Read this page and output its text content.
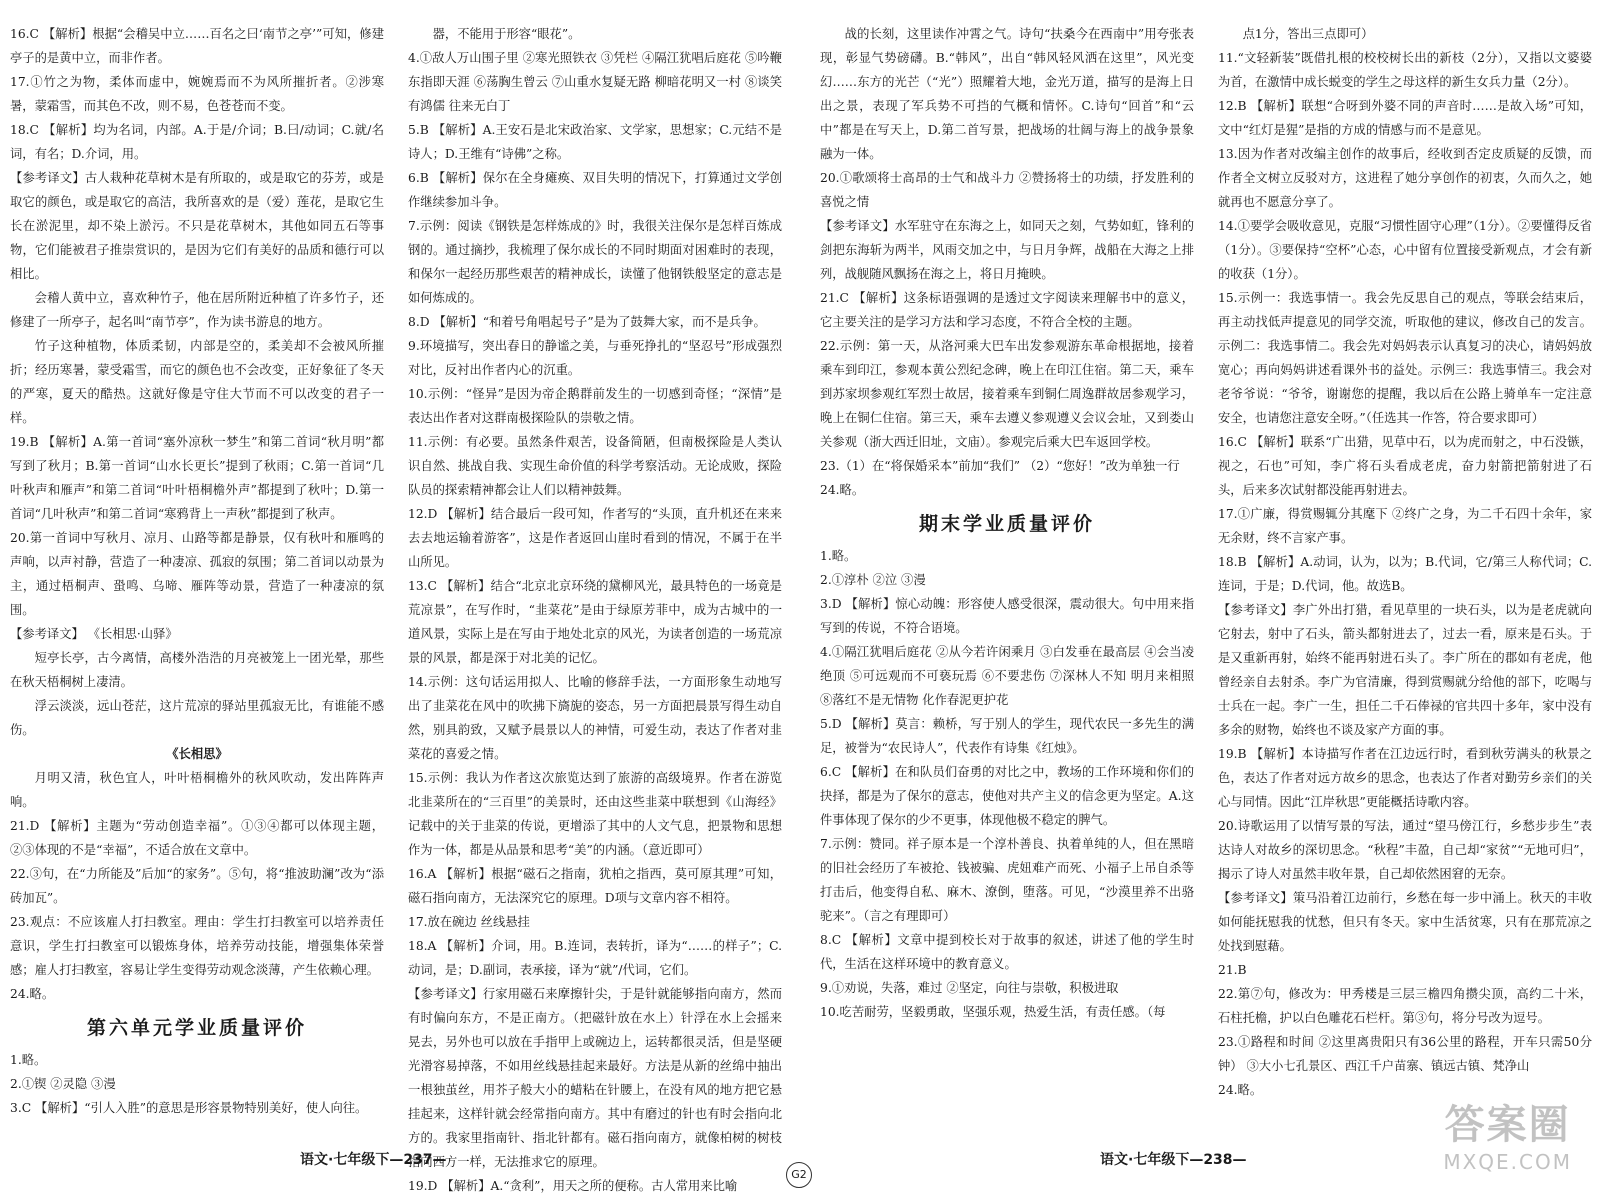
16.C 【解析】根据“会稽吴中立……百名之曰‘南节之亭’”可知，修建亭子的是黄中立，而非作者。

17.①竹之为物，柔体而虚中，婉婉焉而不为风所摧折者。②涉寒暑，蒙霜雪，而其色不改，则不易，色苍苍而不变。

18.C 【解析】均为名词，内部。A.于是/介词；B.曰/动词；C.就/名词，有名；D.介词，用。

【参考译文】古人栽种花草树木是有所取的，或是取它的芬芳，或是取它的颜色，或是取它的高洁，我所喜欢的是（爱）莲花，是取它生长在淤泥里，却不染上淤污。不只是花草树木，其他如同五石等事物，它们能被君子推崇赏识的，是因为它们有美好的品质和德行可以相比。

会稽人黄中立，喜欢种竹子，他在居所附近种植了许多竹子，还修建了一所亭子，起名叫“南节亭”，作为读书游息的地方。

竹子这种植物，体质柔韧，内部是空的，柔美却不会被风所摧折；经历寒暑，蒙受霜雪，而它的颜色也不会改变，正好象征了冬天的严寒，夏天的酷热。这就好像是守住大节而不可以改变的君子一样。

19.B 【解析】A.第一首词“塞外凉秋一梦生”和第二首词“秋月明”都写到了秋月；B.第一首词“山水长更长”提到了秋雨；C.第一首词“几叶秋声和雁声”和第二首词“叶叶梧桐檐外声”都提到了秋叶；D.第一首词“几叶秋声”和第二首词“寒鸦背上一声秋”都提到了秋声。

20.第一首词中写秋月、凉月、山路等都是静景，仅有秋叶和雁鸣的声响，以声衬静，营造了一种凄凉、孤寂的氛围；第二首词以动景为主，通过梧桐声、蛩鸣、乌啼、雁阵等动景，营造了一种凄凉的氛围。

【参考译文】 《长相思·山驿》

短亭长亭，古今离情，高楼外浩浩的月亮被笼上一团光晕，那些在秋天梧桐树上凄清。

浮云淡淡，远山苍茫，这片荒凉的驿站里孤寂无比，有谁能不感伤。

《长相思》

月明又清，秋色宜人，叶叶梧桐檐外的秋风吹动，发出阵阵声响。

21.D 【解析】主题为“劳动创造幸福”。①③④都可以体现主题，②③体现的不是“幸福”，不适合放在文章中。

22.③句，在“力所能及”后加“的家务”。⑤句，将“推波助澜”改为“添砖加瓦”。

23.观点：不应该雇人打扫教室。理由：学生打扫教室可以培养责任意识，学生打扫教室可以锻炼身体，培养劳动技能，增强集体荣誉感；雇人打扫教室，容易让学生变得劳动观念淡薄，产生依赖心理。

24.略。

第六单元学业质量评价

1.略。

2.①锲 ②灵隐 ③漫

3.C 【解析】“引人入胜”的意思是形容景物特别美好，使人向往。

器，不能用于形容“眼花”。

4.①敌人万山围子里 ②寒光照铁衣 ③凭栏 ④隔江犹唱后庭花 ⑤吟鞭东指即天涯 ⑥荡胸生曾云 ⑦山重水复疑无路 柳暗花明又一村 ⑧谈笑有鸿儒 往来无白丁

5.B 【解析】A.王安石是北宋政治家、文学家，思想家；C.元结不是诗人；D.王维有“诗佛”之称。

6.B 【解析】保尔在全身瘫痪、双目失明的情况下，打算通过文学创作继续参加斗争。

7.示例：阅读《钢铁是怎样炼成的》时，我很关注保尔是怎样百炼成钢的。通过摘抄，我梳理了保尔成长的不同时期面对困难时的表现，和保尔一起经历那些艰苦的精神成长，读懂了他钢铁般坚定的意志是如何炼成的。

8.D 【解析】“和着号角唱起号子”是为了鼓舞大家，而不是兵争。

9.环境描写，突出春日的静谧之美，与垂死挣扎的“坚忍号”形成强烈对比，反衬出作者内心的沉重。

10.示例：“怪异”是因为帝企鹅群前发生的一切感到奇怪；“深情”是表达出作者对这群南极探险队的崇敬之情。

11.示例：有必要。虽然条件艰苦，设备简陋，但南极探险是人类认识自然、挑战自我、实现生命价值的科学考察活动。无论成败，探险队员的探索精神都会让人们以精神鼓舞。

12.D 【解析】结合最后一段可知，作者写的“头顶，直升机还在来来去去地运输着游客”，这是作者返回山崖时看到的情况，不属于在半山所见。

13.C 【解析】结合“北京北京环绕的黛柳风光，最具特色的一场竟是荒凉景”，在写作时，“韭菜花”是由于绿原芳菲中，成为古城中的一道风景，实际上是在写由于地处北京的风光，为读者创造的一场荒凉景的风景，都是深于对北美的记忆。

14.示例：这句话运用拟人、比喻的修辞手法，一方面形象生动地写出了韭菜花在风中的吹拂下旖旎的姿态，另一方面把晨景写得生动自然，别具韵致，又赋予晨景以人的神情，可爱生动，表达了作者对韭菜花的喜爱之情。

15.示例：我认为作者这次旅览达到了旅游的高级境界。作者在游览北韭菜所在的“三百里”的美景时，还由这些韭菜中联想到《山海经》记载中的关于韭菜的传说，更增添了其中的人文气息，把景物和思想作为一体，都是从品景和思考“美”的内涵。（意近即可）

16.A 【解析】根据“磁石之指南，犹柏之指西，莫可原其理”可知，磁石指向南方，无法深究它的原理。D项与文章内容不相符。

17.放在碗边 丝线悬挂

18.A 【解析】介词，用。B.连词，表转折，译为“……的样子”；C.动词，是；D.副词，表承接，译为“就”/代词，它们。

【参考译文】行家用磁石来摩擦针尖，于是针就能够指向南方，然而有时偏向东方，不是正南方。（把磁针放在水上）针浮在水上会摇来晃去，另外也可以放在手指甲上或碗边上，运转都很灵活，但是坚硬光滑容易掉落，不如用丝线悬挂起来最好。方法是从新的丝绵中抽出一根独茧丝，用芥子般大小的蜡粘在针腰上，在没有风的地方把它悬挂起来，这样针就会经常指向南方。其中有磨过的针也有时会指向北方的。我家里指南针、指北针都有。磁石指向南方，就像柏树的树枝指向西方一样，无法推求它的原理。

19.D 【解析】A.“贪利”，用天之所的便称。古人常用来比喻

语文·七年级下—237—
G2

战的长刻，这里读作冲霄之气。诗句“扶桑今在西南中”用夸张表现，彰显气势磅礴。B.“韩风”，出自“韩风轻风洒在这里”，风光变幻……东方的光芒（“光”）照耀着大地，金光万道，描写的是海上日出之景，表现了军兵势不可挡的气概和情怀。C.诗句“回首”和“云中”都是在写天上，D.第二首写景，把战场的壮阔与海上的战争景象融为一体。

20.①歌颂将士高昂的士气和战斗力 ②赞扬将士的功绩，抒发胜利的喜悦之情

【参考译文】水军驻守在东海之上，如同天之刻，气势如虹，锋利的剑把东海斩为两半，风雨交加之中，与日月争辉，战船在大海之上排列，战舰随风飘扬在海之上，将日月掩映。

21.C 【解析】这条标语强调的是透过文字阅读来理解书中的意义，它主要关注的是学习方法和学习态度，不符合全校的主题。

22.示例：第一天，从洛河乘大巴车出发参观游东革命根据地，接着乘车到印江，参观本黄公烈纪念碑，晚上在印江住宿。第二天，乘车到苏家坝参观红军烈士故居，接着乘车到铜仁周逸群故居参观学习，晚上在铜仁住宿。第三天，乘车去遵义参观遵义会议会址，又到娄山关参观（浙大西迁旧址，文庙）。参观完后乘大巴车返回学校。

23.（1）在“将保婚采本”前加“我们” （2）“您好！”改为单独一行

24.略。

期末学业质量评价

1.略。

2.①淳朴 ②泣 ③漫

3.D 【解析】惊心动魄：形容使人感受很深，震动很大。句中用来指写到的传说，不符合语境。

4.①隔江犹唱后庭花 ②从今若许闲乘月 ③白发垂在最高层 ④会当凌绝顶 ⑤可远观而不可亵玩焉 ⑥不要悲伤 ⑦深林人不知 明月来相照 ⑧落红不是无情物 化作春泥更护花

5.D 【解析】莫言：赖桥，写于别人的学生，现代农民一多先生的满足，被誉为“农民诗人”，代表作有诗集《红烛》。

6.C 【解析】在和队员们奋勇的对比之中，教场的工作环境和你们的抉择，都是为了保尔的意志，使他对共产主义的信念更为坚定。A.这件事体现了保尔的少不更事，体现他极不稳定的脾气。

7.示例：赞同。祥子原本是一个淳朴善良、执着单纯的人，但在黑暗的旧社会经历了车被抢、钱被骗、虎妞难产而死、小福子上吊自杀等打击后，他变得自私、麻木、潦倒，堕落。可见，“沙漠里养不出骆驼来”。（言之有理即可）

8.C 【解析】文章中提到校长对于故事的叙述，讲述了他的学生时代，生活在这样环境中的教育意义。

9.①劝说，失落，难过 ②坚定，向往与崇敬，积极进取

10.吃苦耐劳，坚毅勇敢，坚强乐观，热爱生活，有责任感。（每

点1分，答出三点即可）

11.“文轻新装”既借扎根的校校树长出的新枝（2分），又指以文婆婆为首，在激情中成长蜕变的学生之母这样的新生女兵力量（2分）。

12.B 【解析】联想“合呀到外婆不同的声音时……是故入场”可知，文中“红灯是猩”是指的方成的情感与而不是意见。

13.因为作者对改编主创作的故事后，经收到否定皮质疑的反馈，而作者全文树立反驳对方，这进程了她分享创作的初衷，久而久之，她就再也不愿意分享了。

14.①要学会吸收意见，克服“习惯性固守心理”（1分）。②要懂得反省（1分）。③要保持“空杯”心态，心中留有位置接受新观点，才会有新的收获（1分）。

15.示例一：我选事情一。我会先反思自己的观点，等联会结束后，再主动找低声提意见的同学交流，听取他的建议，修改自己的发言。示例二：我选事情二。我会先对妈妈表示认真复习的决心，请妈妈放宽心；再向妈妈讲述看课外书的益处。示例三：我选事情三。我会对老爷爷说：“爷爷，谢谢您的提醒，我以后在公路上骑单车一定注意安全，也请您注意安全呀。”（任选其一作答，符合要求即可）

16.C 【解析】联系“广出猎，见草中石，以为虎而射之，中石没镞，视之，石也”可知，李广将石头看成老虎，奋力射箭把箭射进了石头，后来多次试射都没能再射进去。

17.①广廉，得赏赐辄分其麾下 ②终广之身，为二千石四十余年，家无余财，终不言家产事。

18.B 【解析】A.动词，认为，以为；B.代词，它/第三人称代词；C.连词，于是；D.代词，他。故选B。

【参考译文】李广外出打猎，看见草里的一块石头，以为是老虎就向它射去，射中了石头，箭头都射进去了，过去一看，原来是石头。于是又重新再射，始终不能再射进石头了。李广所在的郡如有老虎，他曾经亲自去射杀。李广为官清廉，得到赏赐就分给他的部下，吃喝与士兵在一起。李广一生，担任二千石俸禄的官共四十多年，家中没有多余的财物，始终也不谈及家产方面的事。

19.B 【解析】本诗描写作者在江边远行时，看到秋劳满头的秋景之色，表达了作者对远方故乡的思念，也表达了作者对勤劳乡亲们的关心与同情。因此“江岸秋思”更能概括诗歌内容。

20.诗歌运用了以情写景的写法，通过“望马傍江行，乡愁步步生”表达诗人对故乡的深切思念。“秋程”丰盈，自己却“家贫”“无地可归”，揭示了诗人对虽然丰收年景，自己却依然困窘的无奈。

【参考译文】策马沿着江边前行，乡愁在每一步中涌上。秋天的丰收如何能抚慰我的忧愁，但只有冬天。家中生活贫寒，只有在那荒凉之处找到慰藉。

21.B

22.第⑦句，修改为：甲秀楼是三层三檐四角攒尖顶，高约二十米，石柱托檐，护以白色雕花石栏杆。第③句，将分号改为逗号。

23.①路程和时间 ②这里离贵阳只有36公里的路程，开车只需50分钟） ③大小七孔景区、西江千户苗寨、镇远古镇、梵净山

24.略。

语文·七年级下—238—
答案圈
MXQE.COM
